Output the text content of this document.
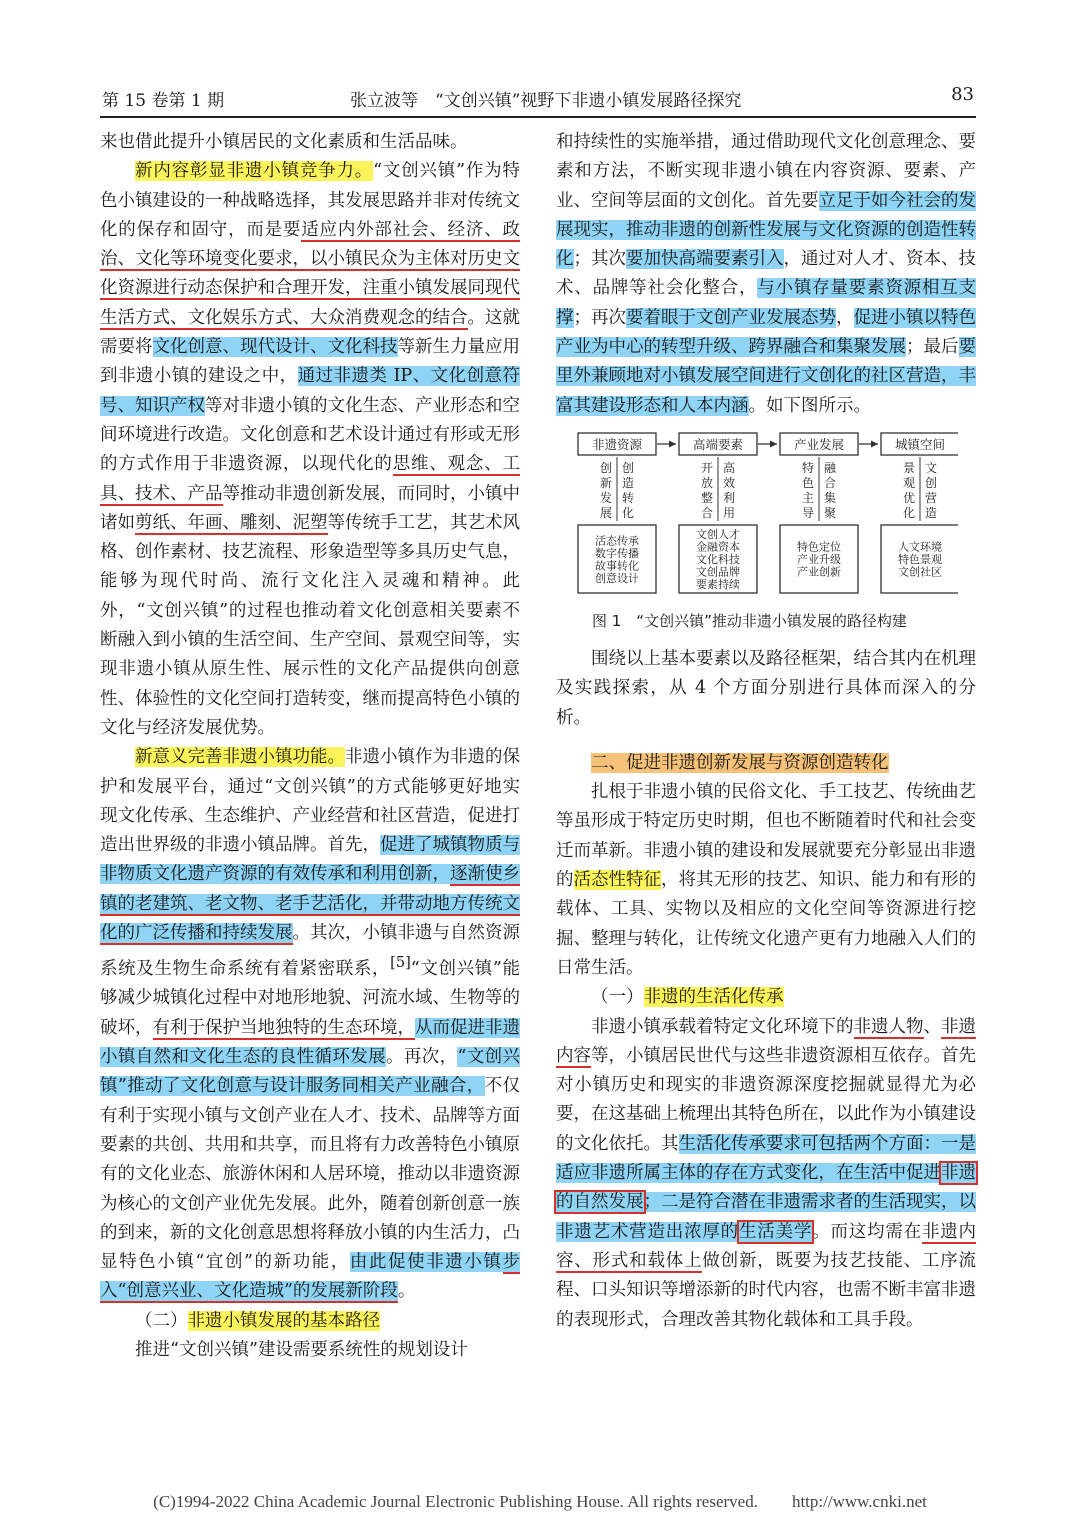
第 15 卷第 1 期	张立波等　“文创兴镇”视野下非遗小镇发展路径探究	83

来也借此提升小镇居民的文化素质和生活品味。

新内容彰显非遗小镇竞争力。“文创兴镇”作为特色小镇建设的一种战略选择，其发展思路并非对传统文化的保存和固守，而是要适应内外部社会、经济、政治、文化等环境变化要求，以小镇民众为主体对历史文化资源进行动态保护和合理开发，注重小镇发展同现代生活方式、文化娱乐方式、大众消费观念的结合。这就需要将文化创意、现代设计、文化科技等新生力量应用到非遗小镇的建设之中，通过非遗类 IP、文化创意符号、知识产权等对非遗小镇的文化生态、产业形态和空间环境进行改造。文化创意和艺术设计通过有形或无形的方式作用于非遗资源，以现代化的思维、观念、工具、技术、产品等推动非遗创新发展，而同时，小镇中诸如剪纸、年画、雕刻、泥塑等传统手工艺，其艺术风格、创作素材、技艺流程、形象造型等多具历史气息，能够为现代时尚、流行文化注入灵魂和精神。此外，“文创兴镇”的过程也推动着文化创意相关要素不断融入到小镇的生活空间、生产空间、景观空间等，实现非遗小镇从原生性、展示性的文化产品提供向创意性、体验性的文化空间打造转变，继而提高特色小镇的文化与经济发展优势。

新意义完善非遗小镇功能。非遗小镇作为非遗的保护和发展平台，通过“文创兴镇”的方式能够更好地实现文化传承、生态维护、产业经营和社区营造，促进打造出世界级的非遗小镇品牌。首先，促进了城镇物质与非物质文化遗产资源的有效传承和利用创新，逐渐使乡镇的老建筑、老文物、老手艺活化，并带动地方传统文化的广泛传播和持续发展。其次，小镇非遗与自然资源系统及生物生命系统有着紧密联系，[5]“文创兴镇”能够减少城镇化过程中对地形地貌、河流水域、生物等的破坏，有利于保护当地独特的生态环境，从而促进非遗小镇自然和文化生态的良性循环发展。再次，“文创兴镇”推动了文化创意与设计服务同相关产业融合，不仅有利于实现小镇与文创产业在人才、技术、品牌等方面要素的共创、共用和共享，而且将有力改善特色小镇原有的文化业态、旅游休闲和人居环境，推动以非遗资源为核心的文创产业优先发展。此外，随着创新创意一族的到来，新的文化创意思想将释放小镇的内生活力，凸显特色小镇“宜创”的新功能，由此促使非遗小镇步入“创意兴业、文化造城”的发展新阶段。

（二）非遗小镇发展的基本路径

推进“文创兴镇”建设需要系统性的规划设计

和持续性的实施举措，通过借助现代文化创意理念、要素和方法，不断实现非遗小镇在内容资源、要素、产业、空间等层面的文创化。首先要立足于如今社会的发展现实，推动非遗的创新性发展与文化资源的创造性转化；其次要加快高端要素引入，通过对人才、资本、技术、品牌等社会化整合，与小镇存量要素资源相互支撑；再次要着眼于文创产业发展态势，促进小镇以特色产业为中心的转型升级、跨界融合和集聚发展；最后要里外兼顾地对小镇发展空间进行文创化的社区营造，丰富其建设形态和人本内涵。如下图所示。

非遗资源
创
新
发
展
创
造
转
化
活态传承
数字传播
故事转化
创意设计
高端要素
开
放
整
合
高
效
利
用
文创人才
金融资本
文化科技
文创品牌
要素持续
产业发展
特
色
主
导
融
合
集
聚
特色定位
产业升级
产业创新
城镇空间
景
观
优
化
文
创
营
造
人文环境
特色景观
文创社区
图 1　“文创兴镇”推动非遗小镇发展的路径构建

围绕以上基本要素以及路径框架，结合其内在机理及实践探索，从 4 个方面分别进行具体而深入的分析。

二、促进非遗创新发展与资源创造转化

扎根于非遗小镇的民俗文化、手工技艺、传统曲艺等虽形成于特定历史时期，但也不断随着时代和社会变迁而革新。非遗小镇的建设和发展就要充分彰显出非遗的活态性特征，将其无形的技艺、知识、能力和有形的载体、工具、实物以及相应的文化空间等资源进行挖掘、整理与转化，让传统文化遗产更有力地融入人们的日常生活。

（一）非遗的生活化传承

非遗小镇承载着特定文化环境下的非遗人物、非遗内容等，小镇居民世代与这些非遗资源相互依存。首先对小镇历史和现实的非遗资源深度挖掘就显得尤为必要，在这基础上梳理出其特色所在，以此作为小镇建设的文化依托。其生活化传承要求可包括两个方面：一是适应非遗所属主体的存在方式变化，在生活中促进非遗的自然发展；二是符合潜在非遗需求者的生活现实，以非遗艺术营造出浓厚的生活美学。而这均需在非遗内容、形式和载体上做创新，既要为技艺技能、工序流程、口头知识等增添新的时代内容，也需不断丰富非遗的表现形式，合理改善其物化载体和工具手段。

(C)1994-2022 China Academic Journal Electronic Publishing House. All rights reserved.　　http://www.cnki.net
